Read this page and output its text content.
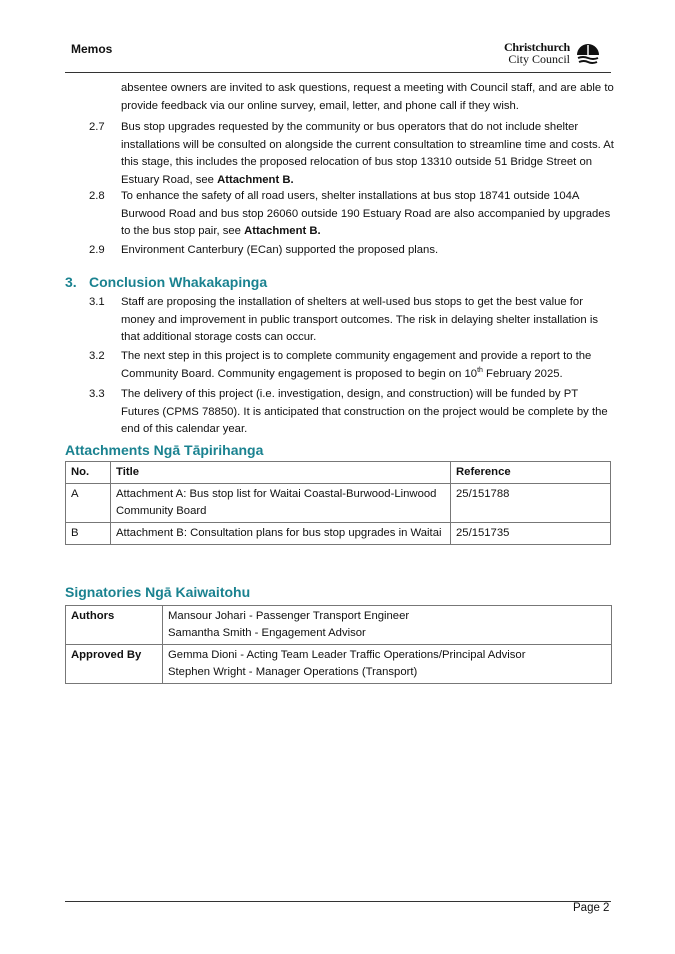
Memos	Christchurch
City Council
absentee owners are invited to ask questions, request a meeting with Council staff, and are able to provide feedback via our online survey, email, letter, and phone call if they wish.
2.7 Bus stop upgrades requested by the community or bus operators that do not include shelter installations will be consulted on alongside the current consultation to streamline time and costs. At this stage, this includes the proposed relocation of bus stop 13310 outside 51 Bridge Street on Estuary Road, see Attachment B.
2.8 To enhance the safety of all road users, shelter installations at bus stop 18741 outside 104A Burwood Road and bus stop 26060 outside 190 Estuary Road are also accompanied by upgrades to the bus stop pair, see Attachment B.
2.9 Environment Canterbury (ECan) supported the proposed plans.
3. Conclusion Whakakapinga
3.1 Staff are proposing the installation of shelters at well-used bus stops to get the best value for money and improvement in public transport outcomes. The risk in delaying shelter installation is that additional storage costs can occur.
3.2 The next step in this project is to complete community engagement and provide a report to the Community Board. Community engagement is proposed to begin on 10th February 2025.
3.3 The delivery of this project (i.e. investigation, design, and construction) will be funded by PT Futures (CPMS 78850). It is anticipated that construction on the project would be complete by the end of this calendar year.
Attachments Ngā Tāpirihanga
No.	Title	Reference
A	Attachment A: Bus stop list for Waitai Coastal-Burwood-Linwood Community Board	25/151788
B	Attachment B: Consultation plans for bus stop upgrades in Waitai	25/151735
Signatories Ngā Kaiwaitohu
Authors	Mansour Johari - Passenger Transport Engineer
Samantha Smith - Engagement Advisor

Approved By	Gemma Dioni - Acting Team Leader Traffic Operations/Principal Advisor
Stephen Wright - Manager Operations (Transport)
Page 2
